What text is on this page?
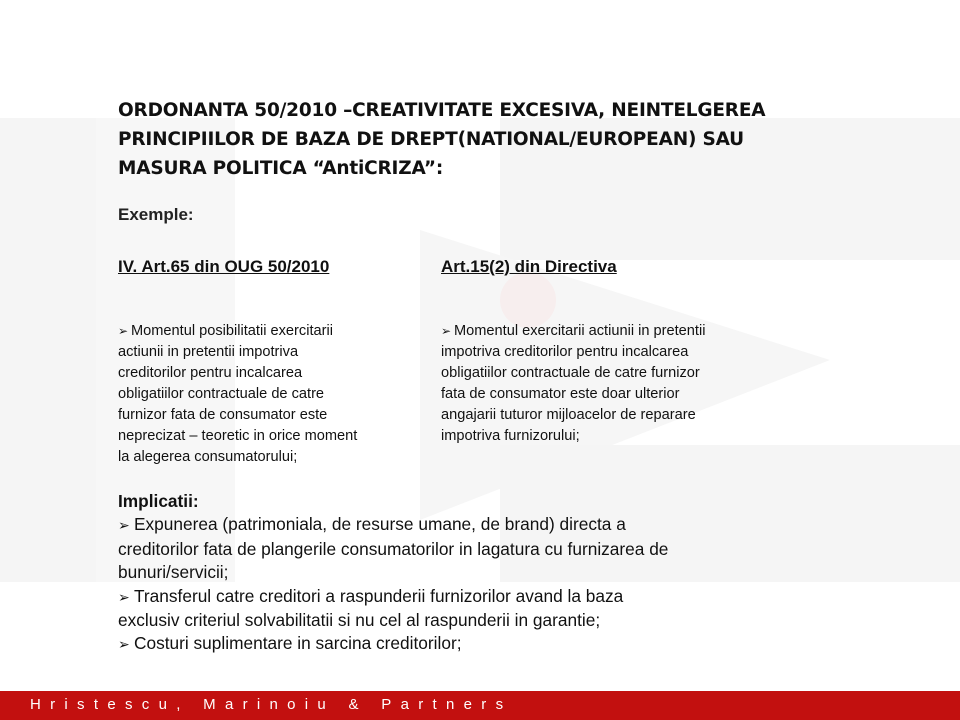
ORDONANTA 50/2010 –CREATIVITATE EXCESIVA, NEINTELGEREA
PRINCIPIILOR DE BAZA DE DREPT(NATIONAL/EUROPEAN) SAU
MASURA POLITICA “AntiCRIZA”:
Exemple:
IV. Art.65 din OUG 50/2010	Art.15(2) din Directiva
➢ Momentul posibilitatii exercitarii
actiunii in pretentii impotriva
creditorilor pentru incalcarea
obligatiilor contractuale de catre
furnizor fata de consumator este
neprecizat – teoretic in orice moment
la alegerea consumatorului;
➢ Momentul exercitarii actiunii in pretentii
impotriva creditorilor pentru incalcarea
obligatiilor contractuale de catre furnizor
fata de consumator este doar ulterior
angajarii tuturor mijloacelor de reparare
impotriva furnizorului;
Implicatii:
➢ Expunerea (patrimoniala, de resurse umane, de brand) directa a
creditorilor fata de plangerile consumatorilor in lagatura cu furnizarea de
bunuri/servicii;
➢ Transferul catre creditori a raspunderii furnizorilor avand la baza
exclusiv criteriul solvabilitatii si nu cel al raspunderii in garantie;
➢ Costuri suplimentare in sarcina creditorilor;
Hristescu, Marinoiu & Partners
